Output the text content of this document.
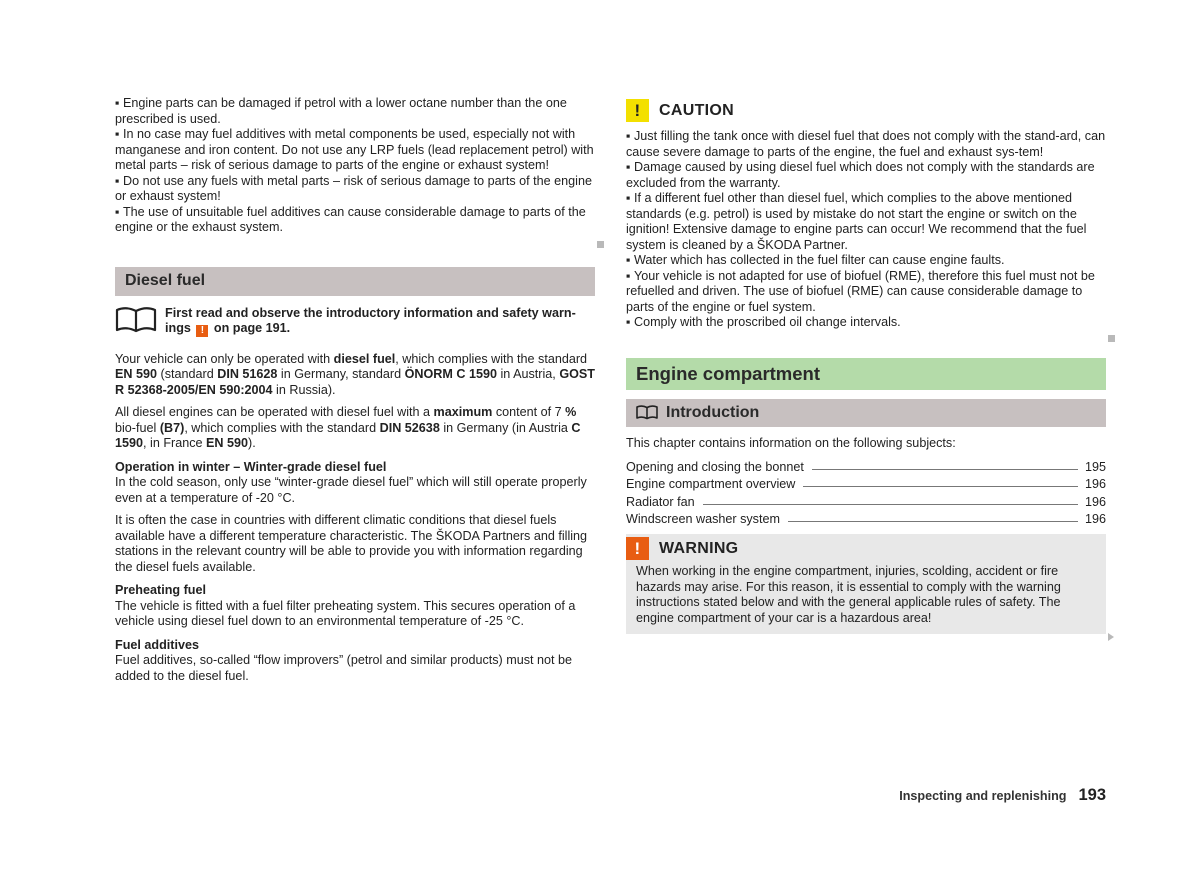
▪ Engine parts can be damaged if petrol with a lower octane number than the one prescribed is used.

▪ In no case may fuel additives with metal components be used, especially not with manganese and iron content. Do not use any LRP fuels (lead replacement petrol) with metal parts – risk of serious damage to parts of the engine or exhaust system!

▪ Do not use any fuels with metal parts – risk of serious damage to parts of the engine or exhaust system!

▪ The use of unsuitable fuel additives can cause considerable damage to parts of the engine or the exhaust system.

Diesel fuel

First read and observe the introductory information and safety warn-

ings ! on page 191.

Your vehicle can only be operated with diesel fuel, which complies with the standard EN 590 (standard DIN 51628 in Germany, standard ÖNORM C 1590 in Austria, GOST R 52368-2005/EN 590:2004 in Russia).

All diesel engines can be operated with diesel fuel with a maximum content of 7 % bio-fuel (B7), which complies with the standard DIN 52638 in Germany (in Austria C 1590, in France EN 590).

Operation in winter – Winter-grade diesel fuel

In the cold season, only use “winter-grade diesel fuel” which will still operate properly even at a temperature of -20 °C.

It is often the case in countries with different climatic conditions that diesel fuels available have a different temperature characteristic. The ŠKODA Partners and filling stations in the relevant country will be able to provide you with information regarding the diesel fuels available.

Preheating fuel

The vehicle is fitted with a fuel filter preheating system. This secures operation of a vehicle using diesel fuel down to an environmental temperature of -25 °C.

Fuel additives

Fuel additives, so-called “flow improvers” (petrol and similar products) must not be added to the diesel fuel.

!	CAUTION

▪ Just filling the tank once with diesel fuel that does not comply with the stand-ard, can cause severe damage to parts of the engine, the fuel and exhaust sys-tem!

▪ Damage caused by using diesel fuel which does not comply with the standards are excluded from the warranty.

▪ If a different fuel other than diesel fuel, which complies to the above mentioned standards (e.g. petrol) is used by mistake do not start the engine or switch on the ignition! Extensive damage to engine parts can occur! We recommend that the fuel system is cleaned by a ŠKODA Partner.

▪ Water which has collected in the fuel filter can cause engine faults.

▪ Your vehicle is not adapted for use of biofuel (RME), therefore this fuel must not be refuelled and driven. The use of biofuel (RME) can cause considerable damage to parts of the engine or fuel system.

▪ Comply with the proscribed oil change intervals.

Engine compartment
Introduction

This chapter contains information on the following subjects:

Opening and closing the bonnet	195
Engine compartment overview	196
Radiator fan	196
Windscreen washer system	196
!	WARNING

When working in the engine compartment, injuries, scolding, accident or fire hazards may arise. For this reason, it is essential to comply with the warning instructions stated below and with the general applicable rules of safety. The engine compartment of your car is a hazardous area!

Inspecting and replenishing 193
